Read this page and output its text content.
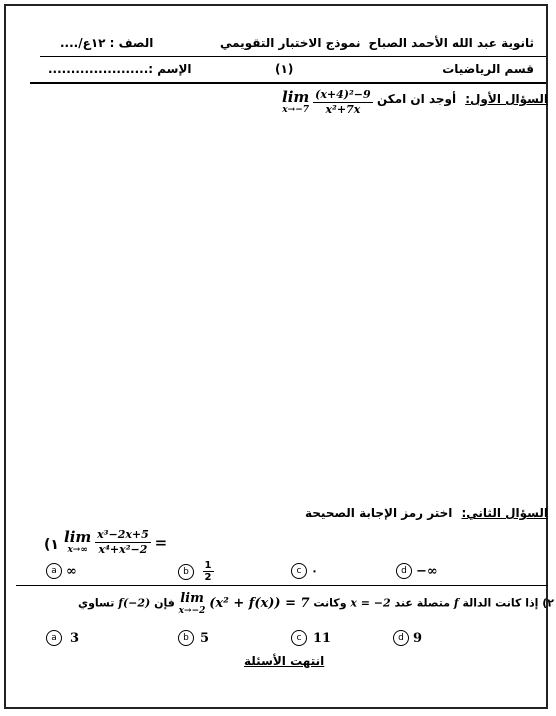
ثانوية عبد الله الأحمد الصباح
نموذج الاختبار التقويمي
الصف : ١٢ع/....
قسم الرياضيات
(١)
الإسم :......................
السؤال الأول: أوجد ان امكن
lim
x→−7
$\frac{\text{(x+4)²−9}}{\text{x²+7x}}$
السؤال الثاني: اختر رمز الإجابة الصحيحة
١) lim
x→∞
$\frac{\text{x³−2x+5}}{\text{x⁴+x²−2}}$ =
a ∞	b $\frac{1}{2}$	c ٠	d −∞
٢) إذا كانت الدالة f متصلة عند x = −2 وكانت
lim
x→−2 (x² + f(x)) = 7 فإن f(−2) تساوي
a 3	b 5	c 11	d 9
انتهت الأسئلة
